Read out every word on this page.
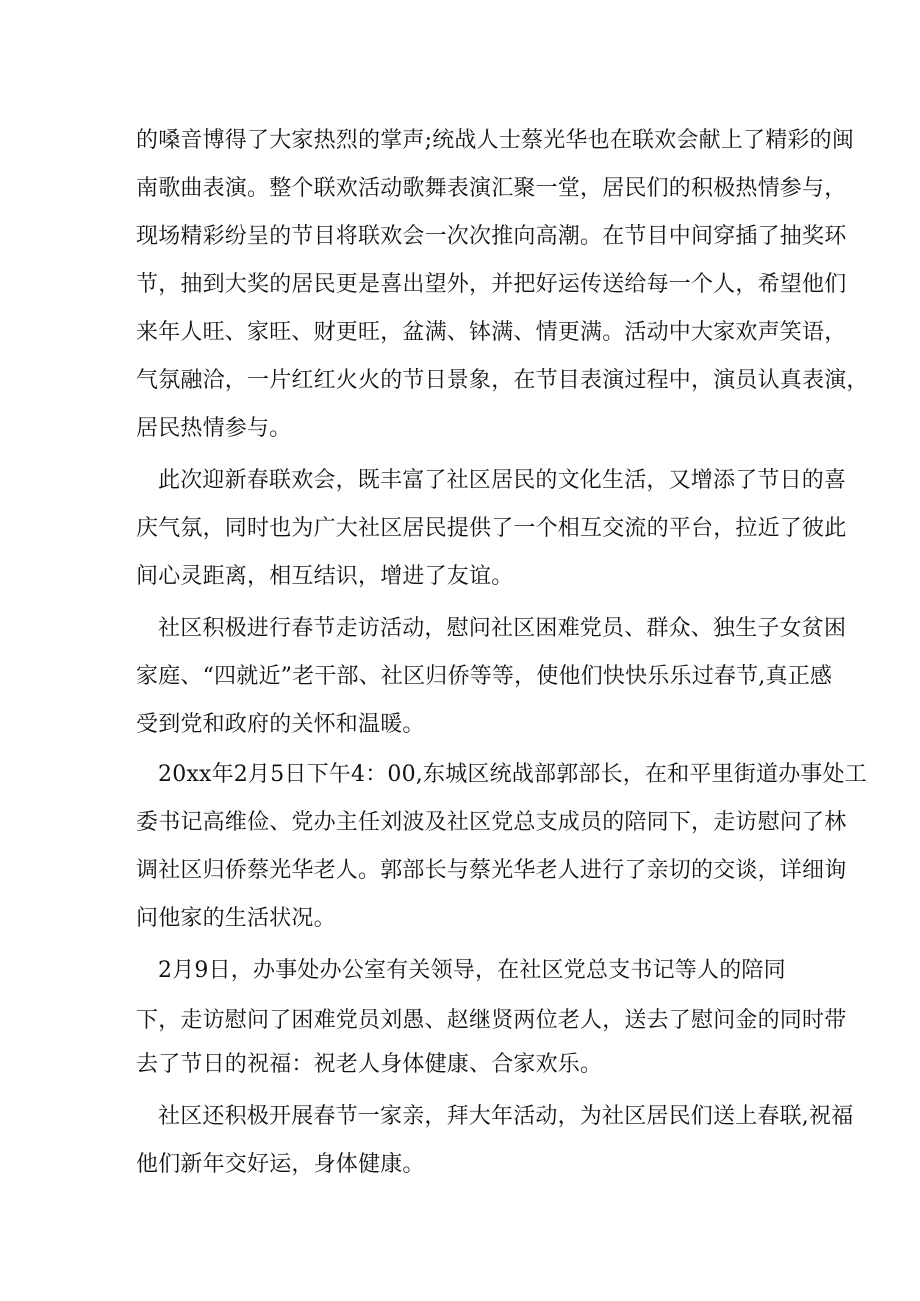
的嗓音博得了大家热烈的掌声;统战人士蔡光华也在联欢会献上了精彩的闽
南歌曲表演。整个联欢活动歌舞表演汇聚一堂，居民们的积极热情参与，
现场精彩纷呈的节目将联欢会一次次推向高潮。在节目中间穿插了抽奖环
节，抽到大奖的居民更是喜出望外，并把好运传送给每一个人，希望他们
来年人旺、家旺、财更旺，盆满、钵满、情更满。活动中大家欢声笑语，
气氛融洽，一片红红火火的节日景象，在节目表演过程中，演员认真表演，
居民热情参与。
此次迎新春联欢会，既丰富了社区居民的文化生活，又增添了节日的喜
庆气氛，同时也为广大社区居民提供了一个相互交流的平台，拉近了彼此
间心灵距离，相互结识，增进了友谊。
社区积极进行春节走访活动，慰问社区困难党员、群众、独生子女贫困
家庭、“四就近”老干部、社区归侨等等，使他们快快乐乐过春节,真正感
受到党和政府的关怀和温暖。
20xx年2月5日下午4：00,东城区统战部郭部长，在和平里街道办事处工
委书记高维俭、党办主任刘波及社区党总支成员的陪同下，走访慰问了林
调社区归侨蔡光华老人。郭部长与蔡光华老人进行了亲切的交谈，详细询
问他家的生活状况。
2月9日，办事处办公室有关领导，在社区党总支书记等人的陪同
下，走访慰问了困难党员刘愚、赵继贤两位老人，送去了慰问金的同时带
去了节日的祝福：祝老人身体健康、合家欢乐。
社区还积极开展春节一家亲，拜大年活动，为社区居民们送上春联,祝福
他们新年交好运，身体健康。
